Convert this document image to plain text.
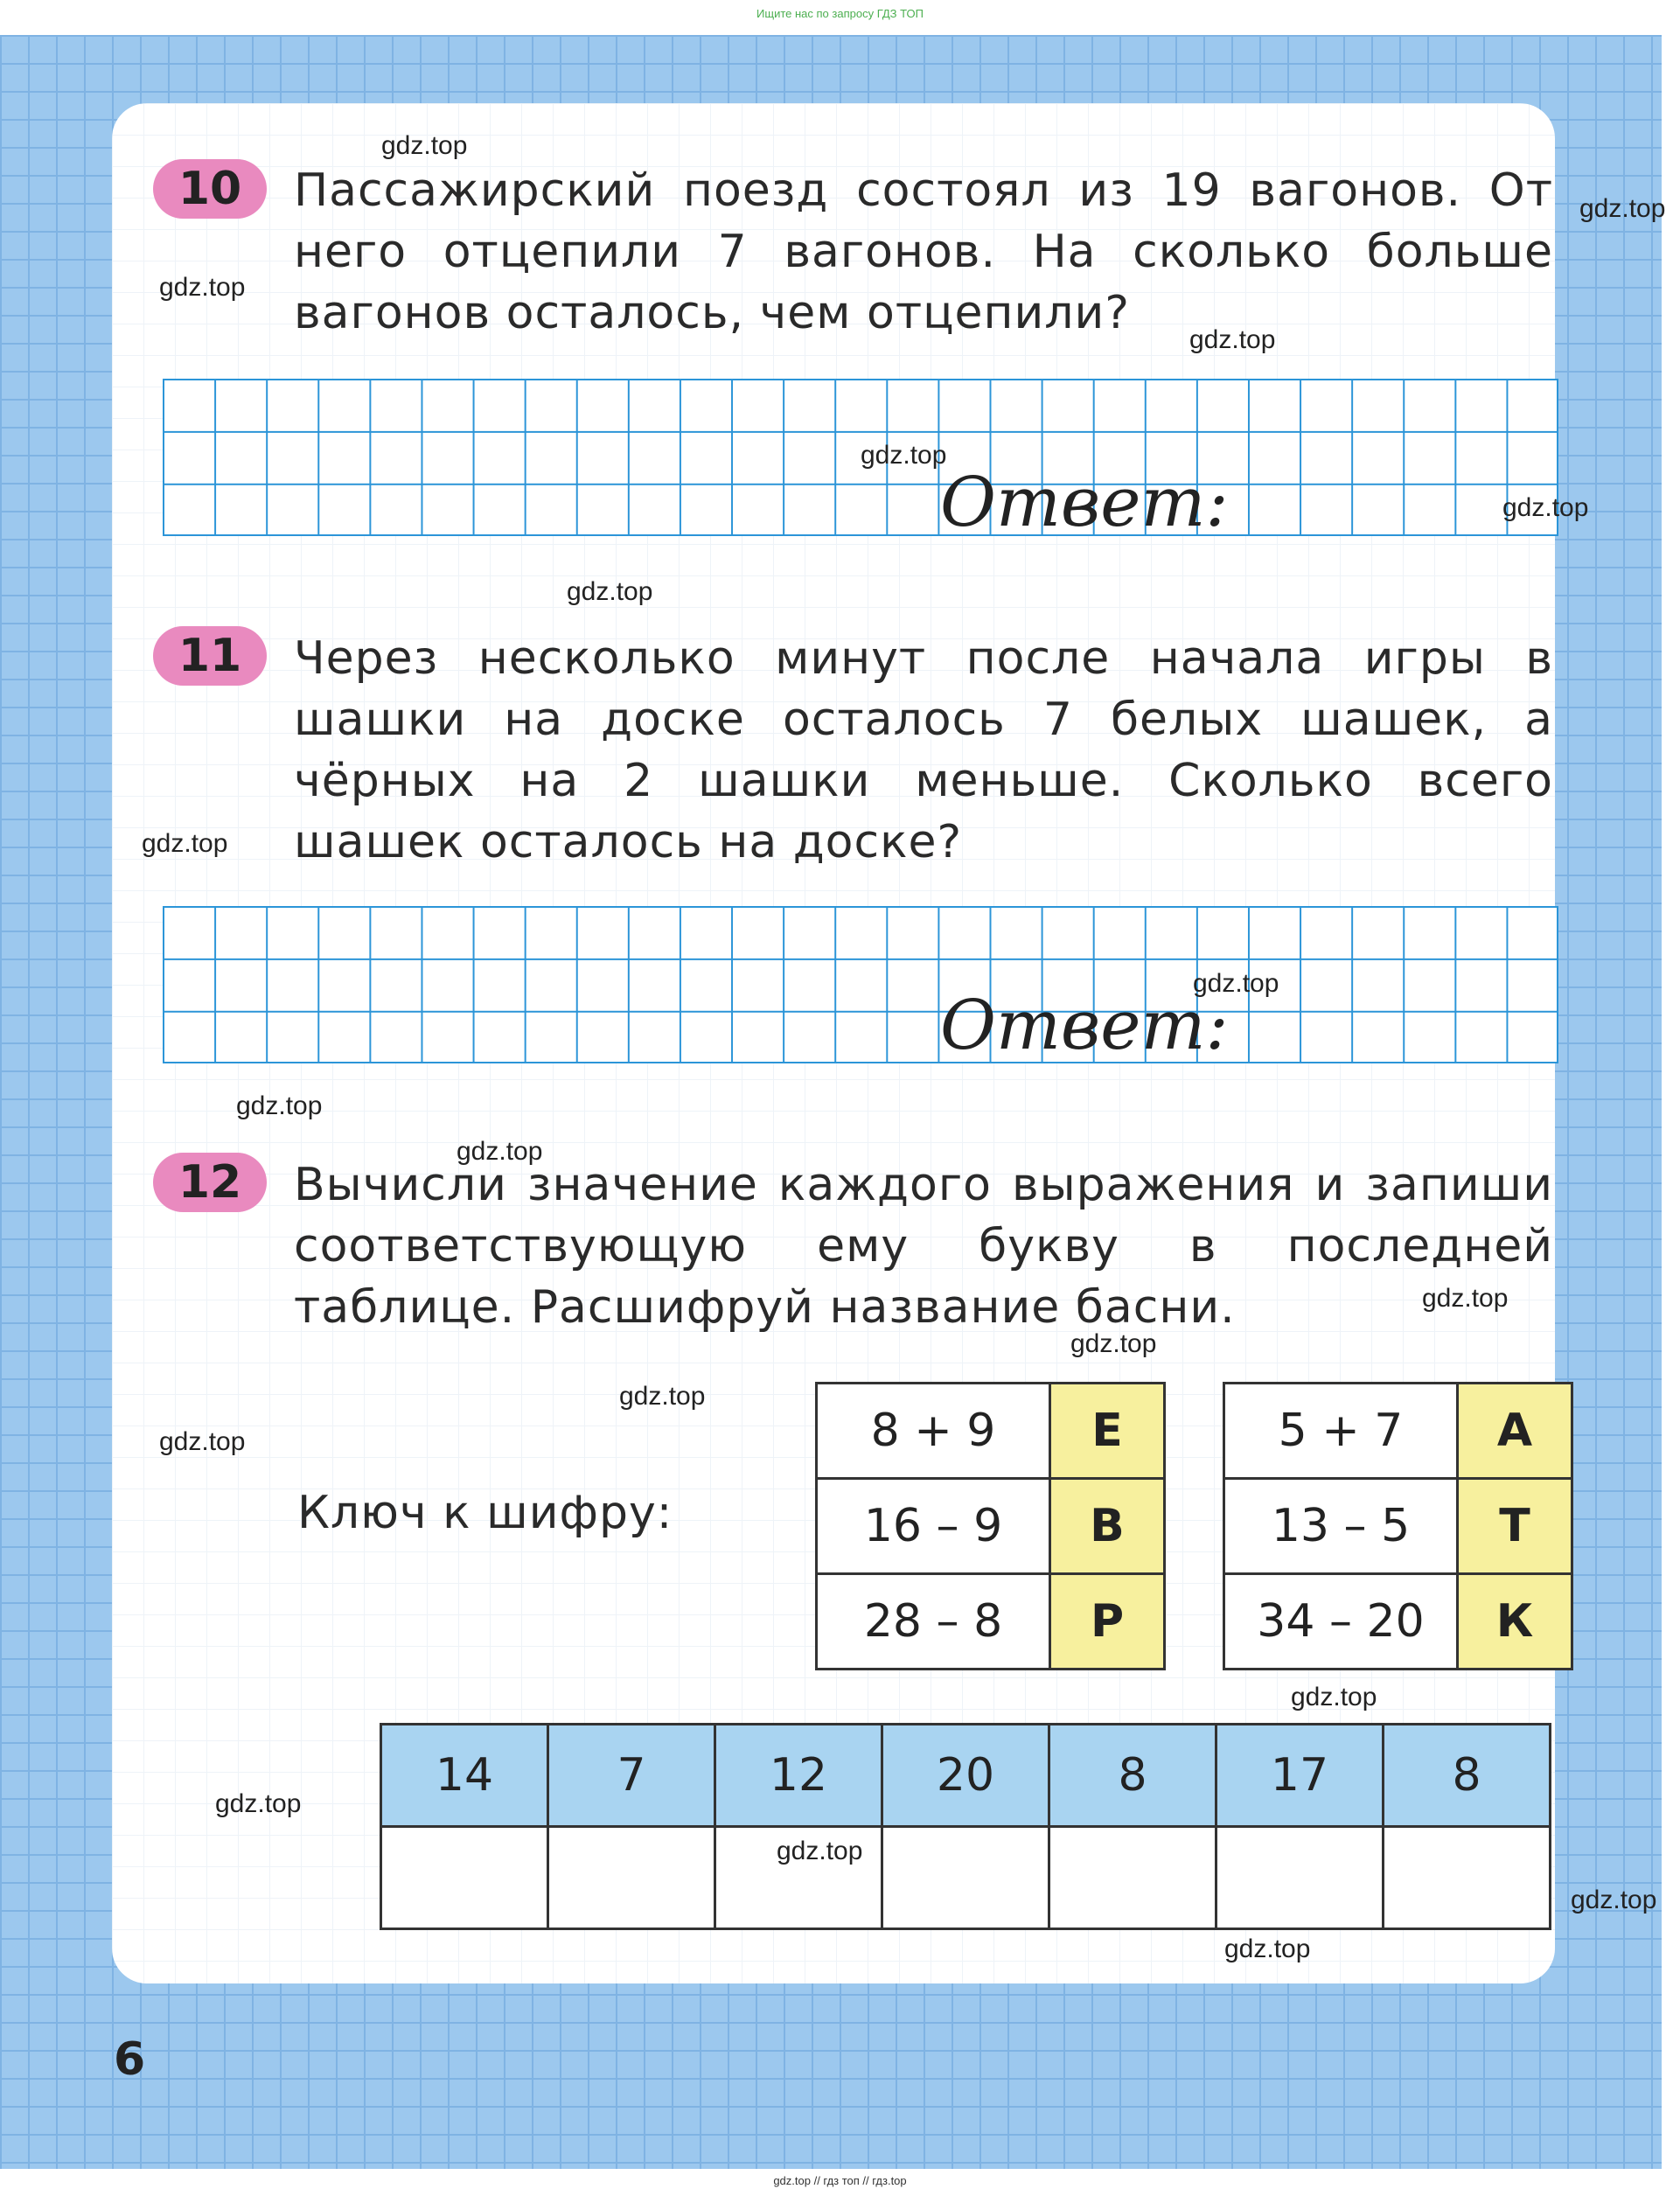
Ищите нас по запросу ГДЗ ТОП
10	Пассажирский поезд состоял из 19 вагонов. От него отцепили 7 вагонов. На сколько больше вагонов осталось, чем отцепили?
Ответ:
11	Через несколько минут после начала игры в шашки на доске осталось 7 белых шашек, а чёрных на 2 шашки меньше. Сколько всего шашек осталось на доске?
Ответ:
12	Вычисли значение каждого выражения и запиши соответствующую ему букву в последней таблице. Расшифруй название басни.
Ключ к шифру:
8 + 9	Е
16 – 9	В
28 – 8	Р
5 + 7	А
13 – 5	Т
34 – 20	К
14	7	12	20	8	17	8

6
gdz.top
gdz.top
gdz.top
gdz.top
gdz.top
gdz.top
gdz.top
gdz.top
gdz.top
gdz.top
gdz.top
gdz.top
gdz.top
gdz.top
gdz.top
gdz.top
gdz.top
gdz.top
gdz.top
gdz.top
gdz.top // гдз топ // гдз.top
